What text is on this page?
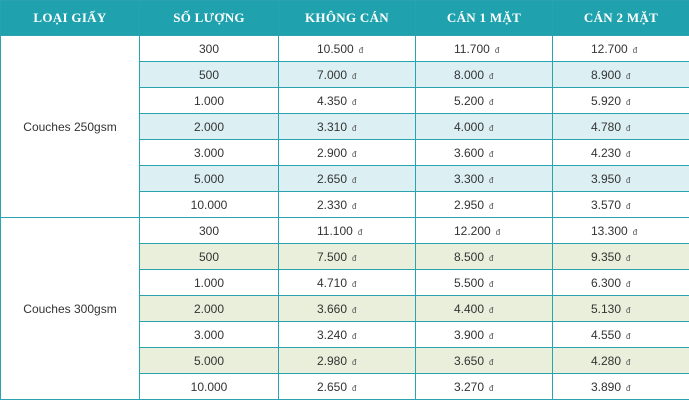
LOẠI GIẤY	SỐ LƯỢNG	KHÔNG CÁN	CÁN 1 MẶT	CÁN 2 MẶT
Couches 250gsm	300	10.500 đ	11.700 đ	12.700 đ
	500	7.000 đ	8.000 đ	8.900 đ
	1.000	4.350 đ	5.200 đ	5.920 đ
	2.000	3.310 đ	4.000 đ	4.780 đ
	3.000	2.900 đ	3.600 đ	4.230 đ
	5.000	2.650 đ	3.300 đ	3.950 đ
	10.000	2.330 đ	2.950 đ	3.570 đ
Couches 300gsm	300	11.100 đ	12.200 đ	13.300 đ
	500	7.500 đ	8.500 đ	9.350 đ
	1.000	4.710 đ	5.500 đ	6.300 đ
	2.000	3.660 đ	4.400 đ	5.130 đ
	3.000	3.240 đ	3.900 đ	4.550 đ
	5.000	2.980 đ	3.650 đ	4.280 đ
	10.000	2.650 đ	3.270 đ	3.890 đ
